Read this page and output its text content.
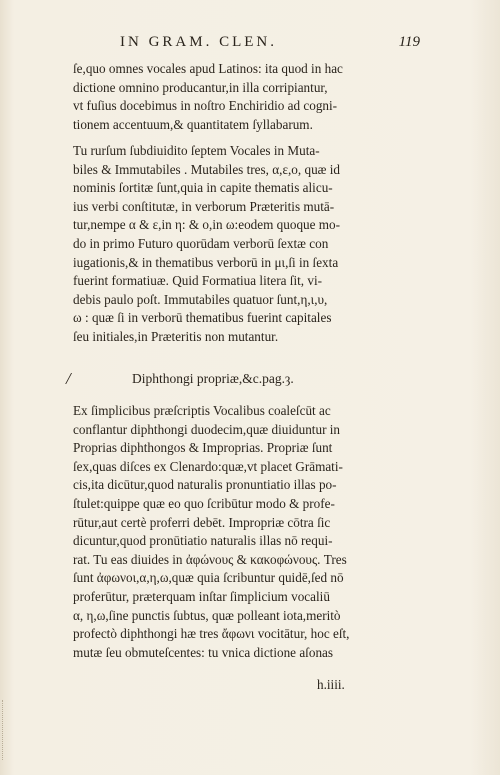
IN GRAM. CLEN.	119
ſe,quo omnes vocales apud Latinos: ita quod in hac
dictione omnino producantur,in illa corripiantur,
vt fuſius docebimus in noſtro Enchiridio ad cogni-
tionem accentuum,& quantitatem ſyllabarum.
Tu rurſum ſubdiuidito ſeptem Vocales in Muta-
biles & Immutabiles . Mutabiles tres, α,ε,ο, quæ id
nominis ſortitæ ſunt,quia in capite thematis alicu-
ius verbi conſtitutæ, in verborum Præteritis mutā-
tur,nempe α & ε,in η: & ο,in ω:eodem quoque mo-
do in primo Futuro quorūdam verborū ſextæ con
iugationis,& in thematibus verborū in μι,ſi in ſexta
fuerint formatiuæ. Quid Formatiua litera ſit, vi-
debis paulo poſt. Immutabiles quatuor ſunt,η,ι,υ,
ω : quæ ſi in verborū thematibus fuerint capitales
ſeu initiales,in Præteritis non mutantur.
/	Diphthongi propriæ,&c.pag.ȝ.
Ex ſimplicibus præſcriptis Vocalibus coaleſcūt ac
conflantur diphthongi duodecim,quæ diuiduntur in
Proprias diphthongos & Improprias. Propriæ ſunt
ſex,quas diſces ex Clenardo:quæ,vt placet Grāmati-
cis,ita dicūtur,quod naturalis pronuntiatio illas po-
ſtulet:quippe quæ eo quo ſcribūtur modo & profe-
rūtur,aut certè proferri debēt. Impropriæ cōtra ſic
dicuntur,quod pronūtiatio naturalis illas nō requi-
rat. Tu eas diuides in ἀφώνους & κακοφώνους. Tres
ſunt ἀφωνοι,α,η,ω,quæ quia ſcribuntur quidē,ſed nō
proferūtur, præterquam inſtar ſimplicium vocaliū
α, η,ω,ſine punctis ſubtus, quæ polleant iota,meritò
profectò diphthongi hæ tres ἄφωνι vocitātur, hoc eſt,
mutæ ſeu obmuteſcentes: tu vnica dictione aſonas
h.iiii.
